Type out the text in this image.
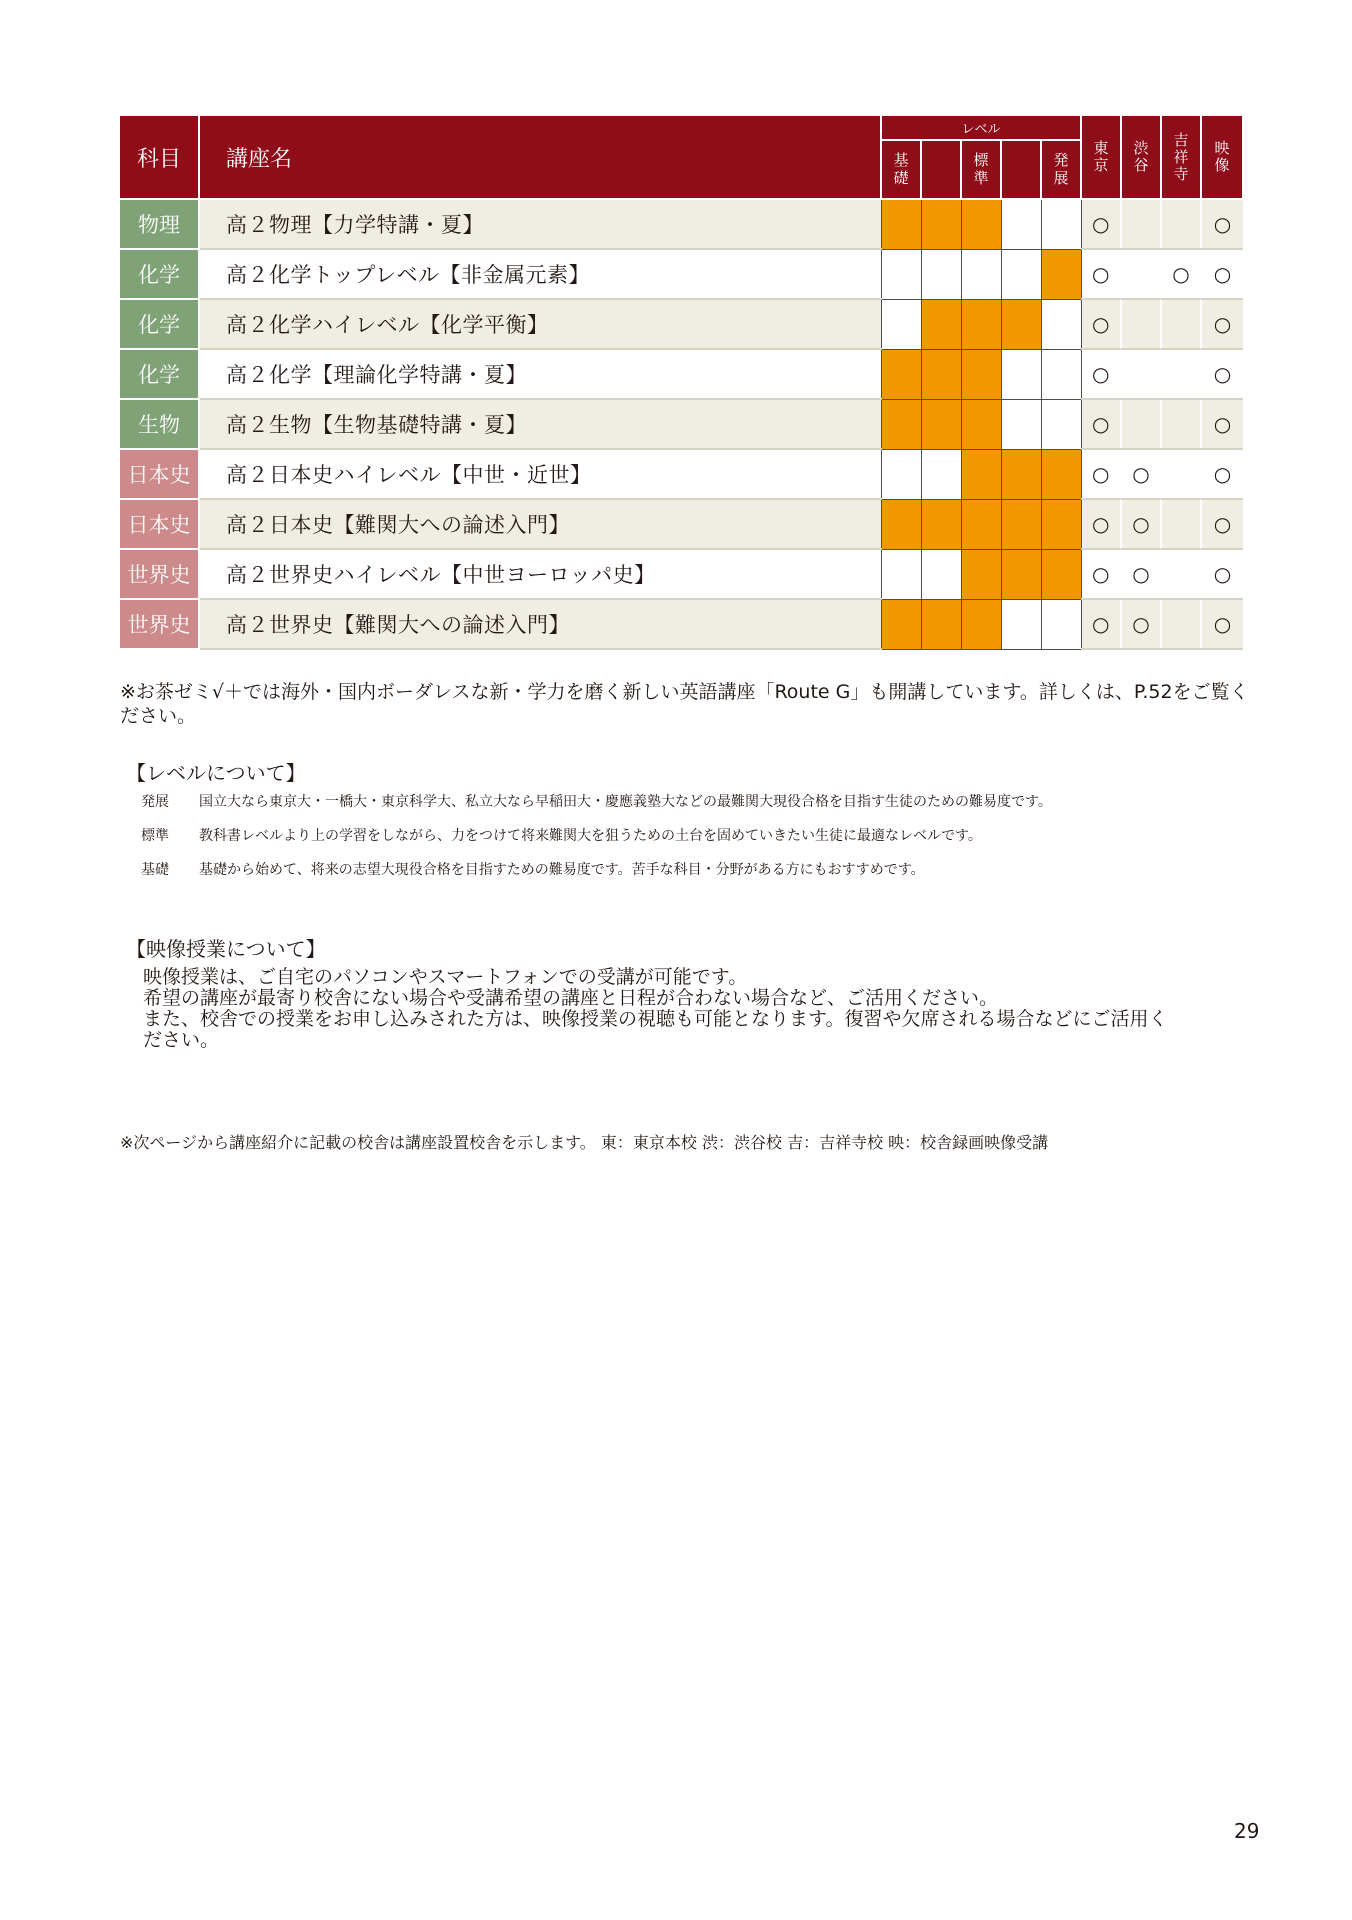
科目	講座名	レベル					東京	渋谷	吉祥寺	映像
		基礎		標準		発展				
物理	高２物理【力学特講・夏】						○			○
化学	高２化学トップレベル【非金属元素】						○		○	○
化学	高２化学ハイレベル【化学平衡】						○			○
化学	高２化学【理論化学特講・夏】						○			○
生物	高２生物【生物基礎特講・夏】						○			○
日本史	高２日本史ハイレベル【中世・近世】						○	○		○
日本史	高２日本史【難関大への論述入門】						○	○		○
世界史	高２世界史ハイレベル【中世ヨーロッパ史】						○	○		○
世界史	高２世界史【難関大への論述入門】						○	○		○
※お茶ゼミ√＋では海外・国内ボーダレスな新・学力を磨く新しい英語講座「Route G」も開講しています。詳しくは、P.52をご覧ください。
【レベルについて】
発展 国立大なら東京大・一橋大・東京科学大、私立大なら早稲田大・慶應義塾大などの最難関大現役合格を目指す生徒のための難易度です。
標準 教科書レベルより上の学習をしながら、力をつけて将来難関大を狙うための土台を固めていきたい生徒に最適なレベルです。
基礎 基礎から始めて、将来の志望大現役合格を目指すための難易度です。苦手な科目・分野がある方にもおすすめです。
【映像授業について】
映像授業は、ご自宅のパソコンやスマートフォンでの受講が可能です。
希望の講座が最寄り校舎にない場合や受講希望の講座と日程が合わない場合など、ご活用ください。
また、校舎での授業をお申し込みされた方は、映像授業の視聴も可能となります。復習や欠席される場合などにご活用く
ださい。
※次ページから講座紹介に記載の校舎は講座設置校舎を示します。 東：東京本校 渋：渋谷校 吉：吉祥寺校 映：校舎録画映像受講
29
